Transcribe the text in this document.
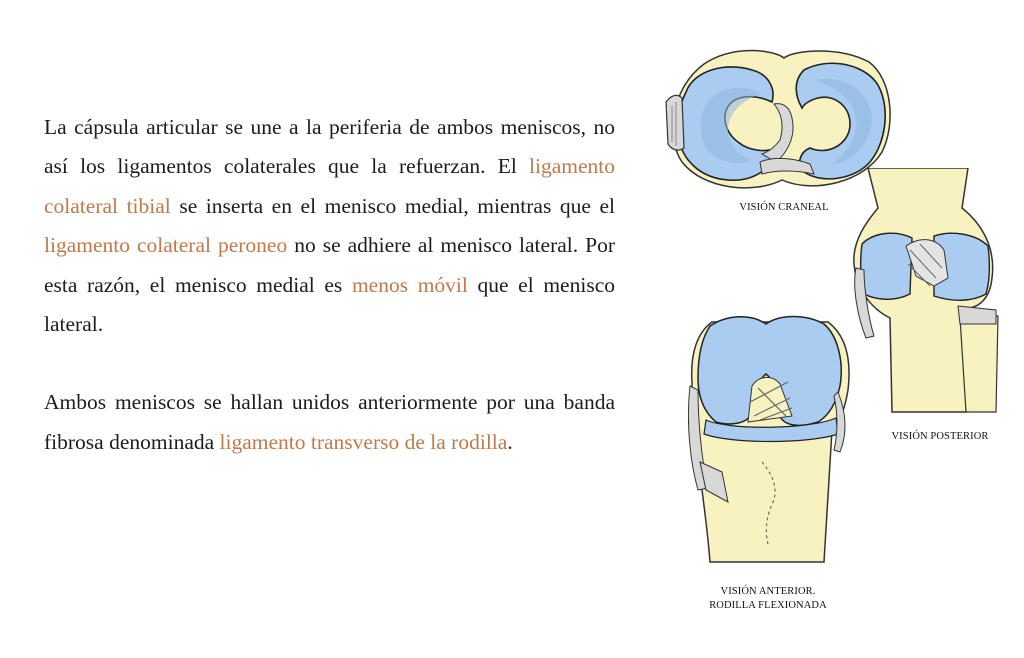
La cápsula articular se une a la periferia de ambos meniscos, no así los ligamentos colaterales que la refuerzan. El ligamento colateral tibial se inserta en el menisco medial, mientras que el ligamento colateral peroneo no se adhiere al menisco lateral. Por esta razón, el menisco medial es menos móvil que el menisco lateral.

Ambos meniscos se hallan unidos anteriormente por una banda fibrosa denominada ligamento transverso de la rodilla.

VISIÓN CRANEAL
VISIÓN POSTERIOR
VISIÓN ANTERIOR.
RODILLA FLEXIONADA
